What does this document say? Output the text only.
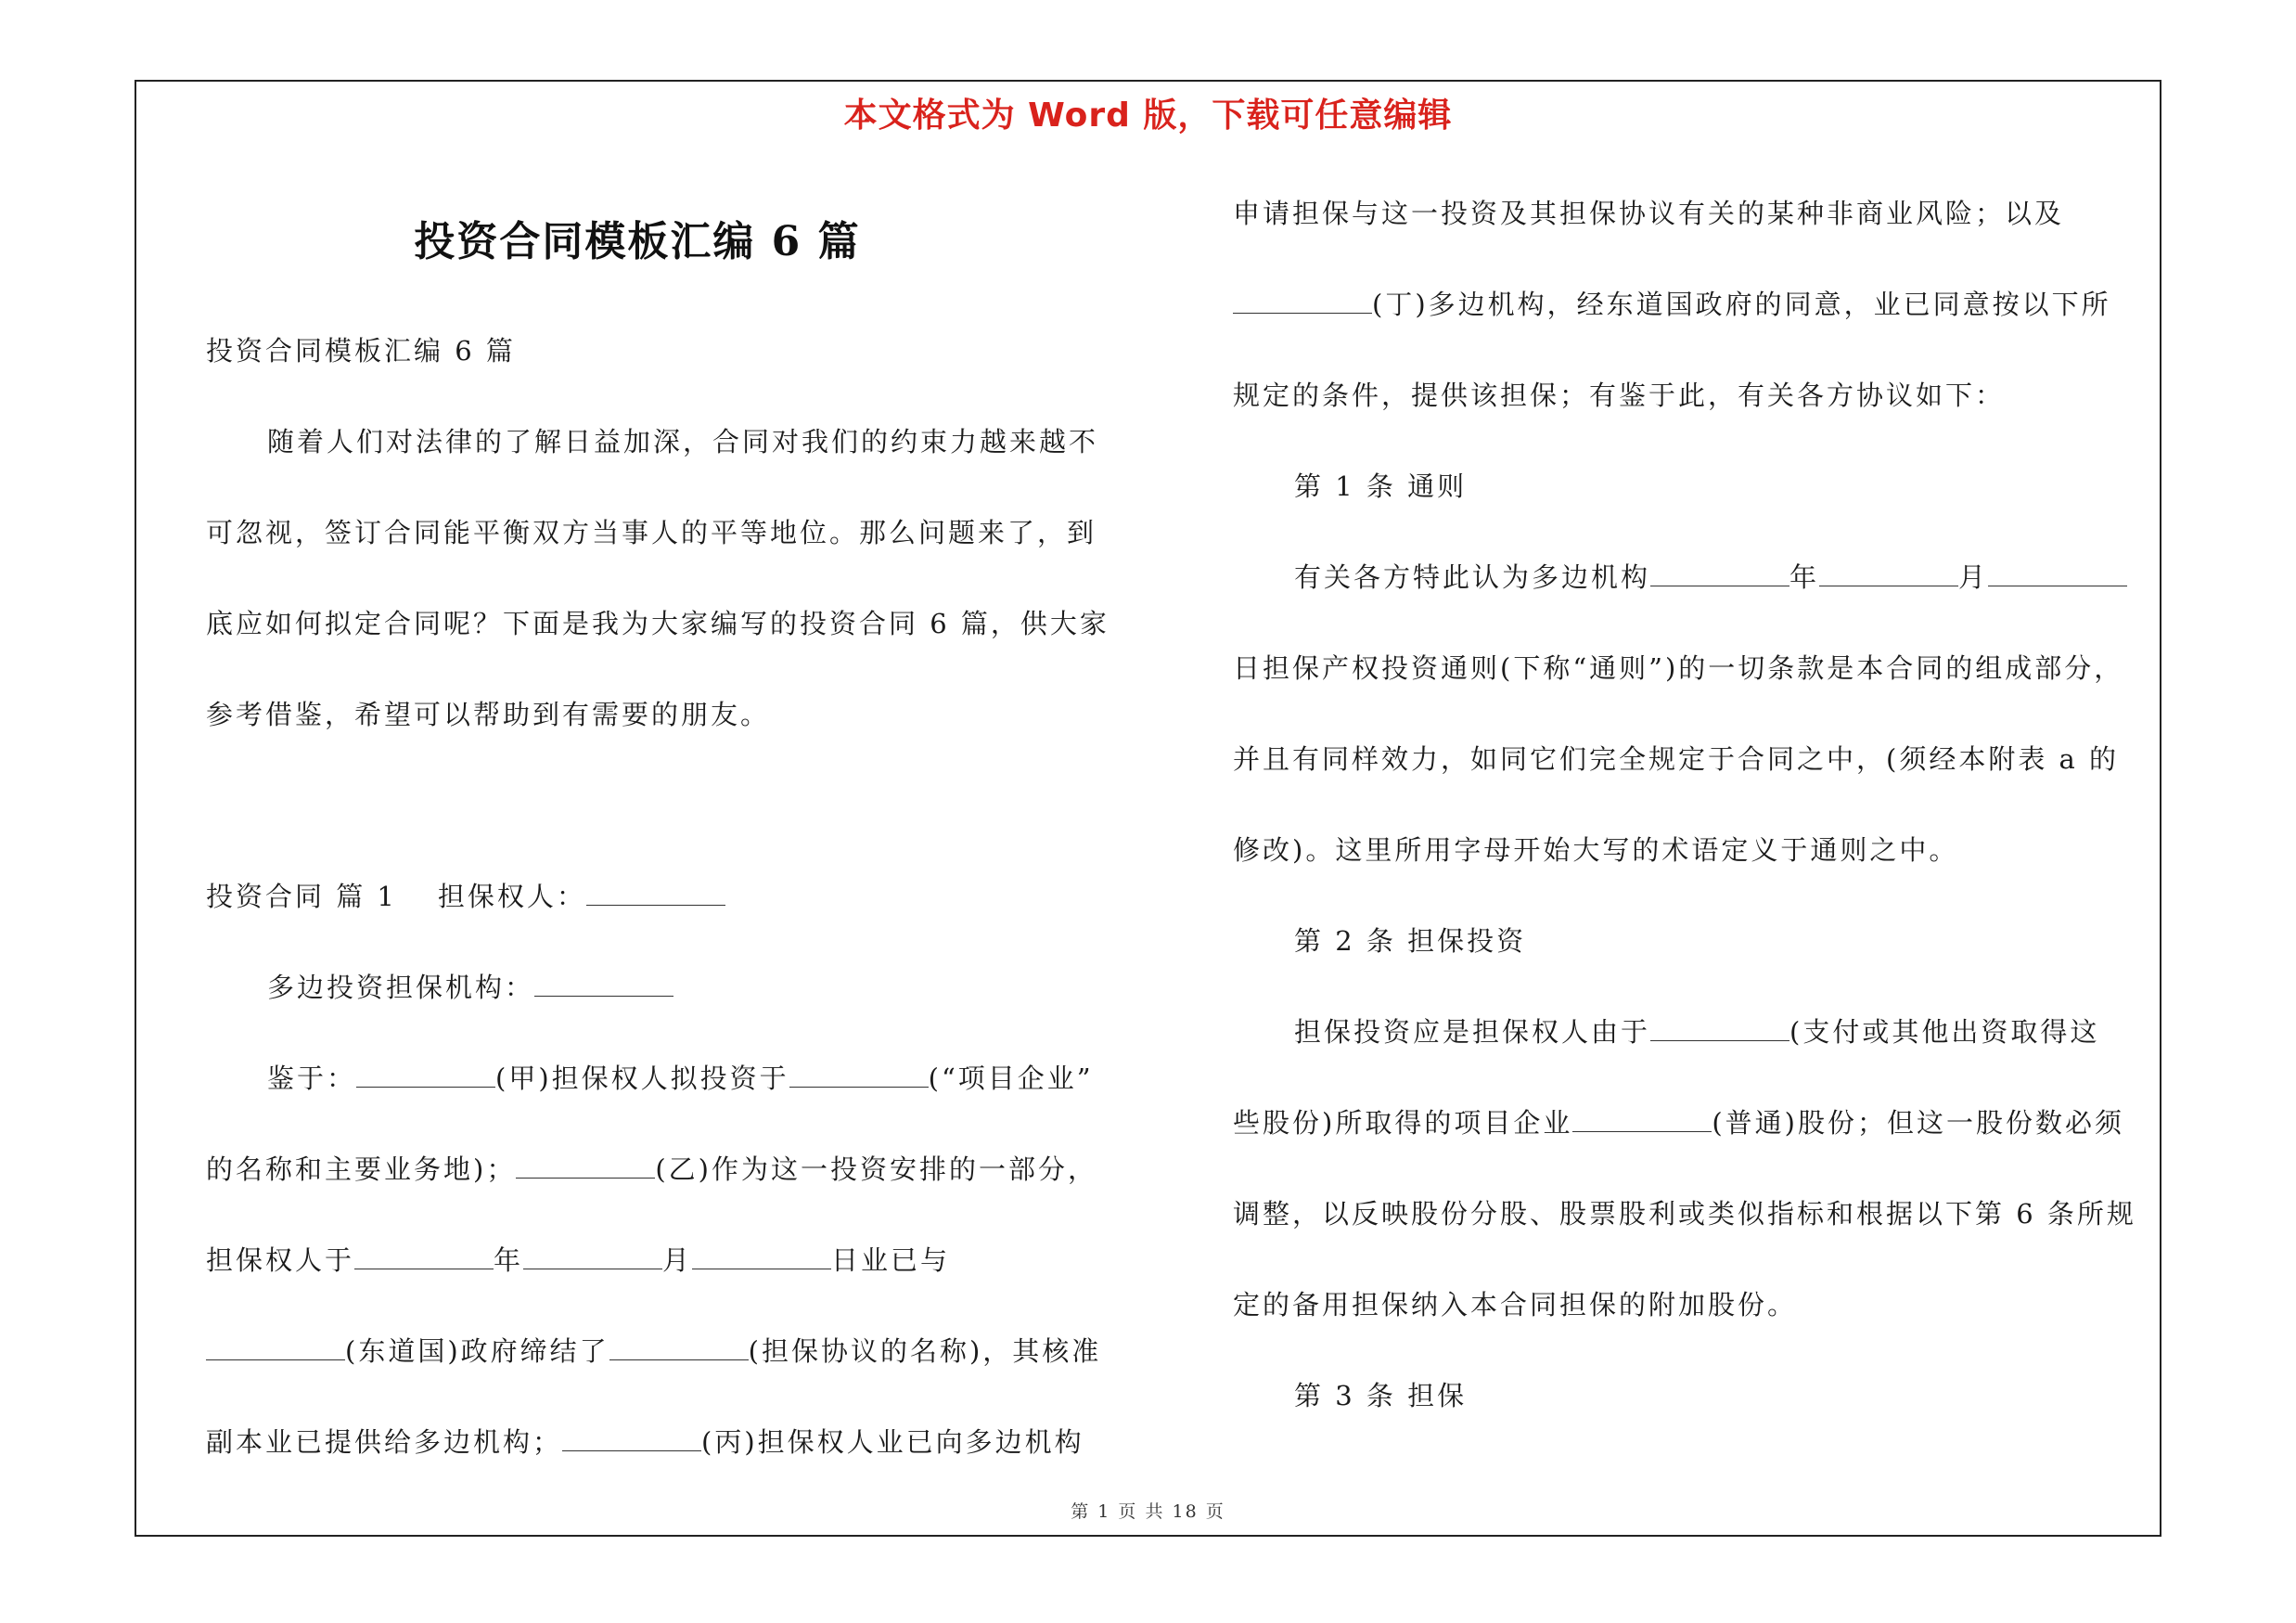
本文格式为 Word 版，下载可任意编辑
投资合同模板汇编 6 篇
投资合同模板汇编 6 篇
随着人们对法律的了解日益加深，合同对我们的约束力越来越不
可忽视，签订合同能平衡双方当事人的平等地位。那么问题来了，到
底应如何拟定合同呢？下面是我为大家编写的投资合同 6 篇，供大家
参考借鉴，希望可以帮助到有需要的朋友。
投资合同 篇 1 担保权人：
多边投资担保机构：
鉴于：	(甲)担保权人拟投资于	(“项目企业”
的名称和主要业务地)；	(乙)作为这一投资安排的一部分，
担保权人于	年	月	日业已与
(东道国)政府缔结了	(担保协议的名称)，其核准
副本业已提供给多边机构；	(丙)担保权人业已向多边机构
申请担保与这一投资及其担保协议有关的某种非商业风险；以及
(丁)多边机构，经东道国政府的同意，业已同意按以下所
规定的条件，提供该担保；有鉴于此，有关各方协议如下：
第 1 条 通则
有关各方特此认为多边机构	年	月
日担保产权投资通则(下称“通则”)的一切条款是本合同的组成部分，
并且有同样效力，如同它们完全规定于合同之中，(须经本附表 a 的
修改)。这里所用字母开始大写的术语定义于通则之中。
第 2 条 担保投资
担保投资应是担保权人由于	(支付或其他出资取得这
些股份)所取得的项目企业	(普通)股份；但这一股份数必须
调整，以反映股份分股、股票股利或类似指标和根据以下第 6 条所规
定的备用担保纳入本合同担保的附加股份。
第 3 条 担保
第 1 页 共 18 页
